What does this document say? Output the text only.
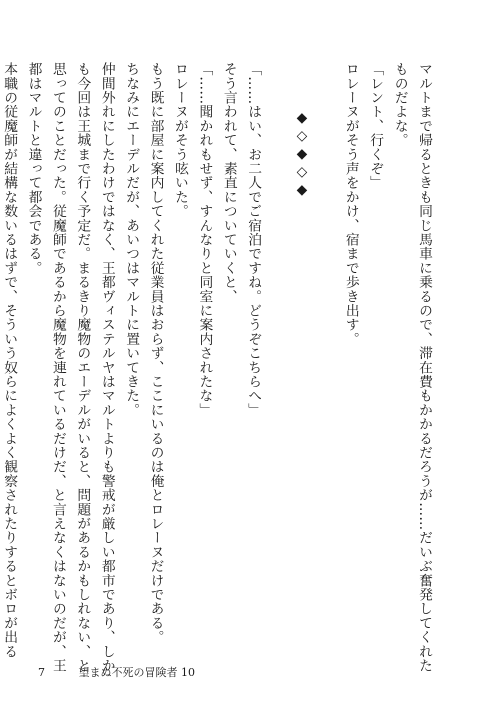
マルトまで帰るときも同じ馬車に乗るので、滞在費もかかるだろうが……だいぶ奮発してくれた
ものだよな。
「レント、行くぞ」
ロレーヌがそう声をかけ、宿まで歩き出す。
◆◇◆◇◆
「……はい、お二人でご宿泊ですね。どうぞこちらへ」
そう言われて、素直についていくと、
「……聞かれもせず、すんなりと同室に案内されたな」
ロレーヌがそう呟いた。
もう既に部屋に案内してくれた従業員はおらず、ここにいるのは俺とロレーヌだけである。
ちなみにエーデルだが、あいつはマルトに置いてきた。
仲間外れにしたわけではなく、王都ヴィステルヤはマルトよりも警戒が厳しい都市であり、しか
も今回は王城まで行く予定だ。まるきり魔物のエーデルがいると、問題があるかもしれない、と
思ってのことだった。従魔師であるから魔物を連れているだけだ、と言えなくはないのだが、王
都はマルトと違って都会である。
本職の従魔師が結構な数いるはずで、そういう奴らによくよく観察されたりするとボロが出る
7	望まぬ不死の冒険者 10
